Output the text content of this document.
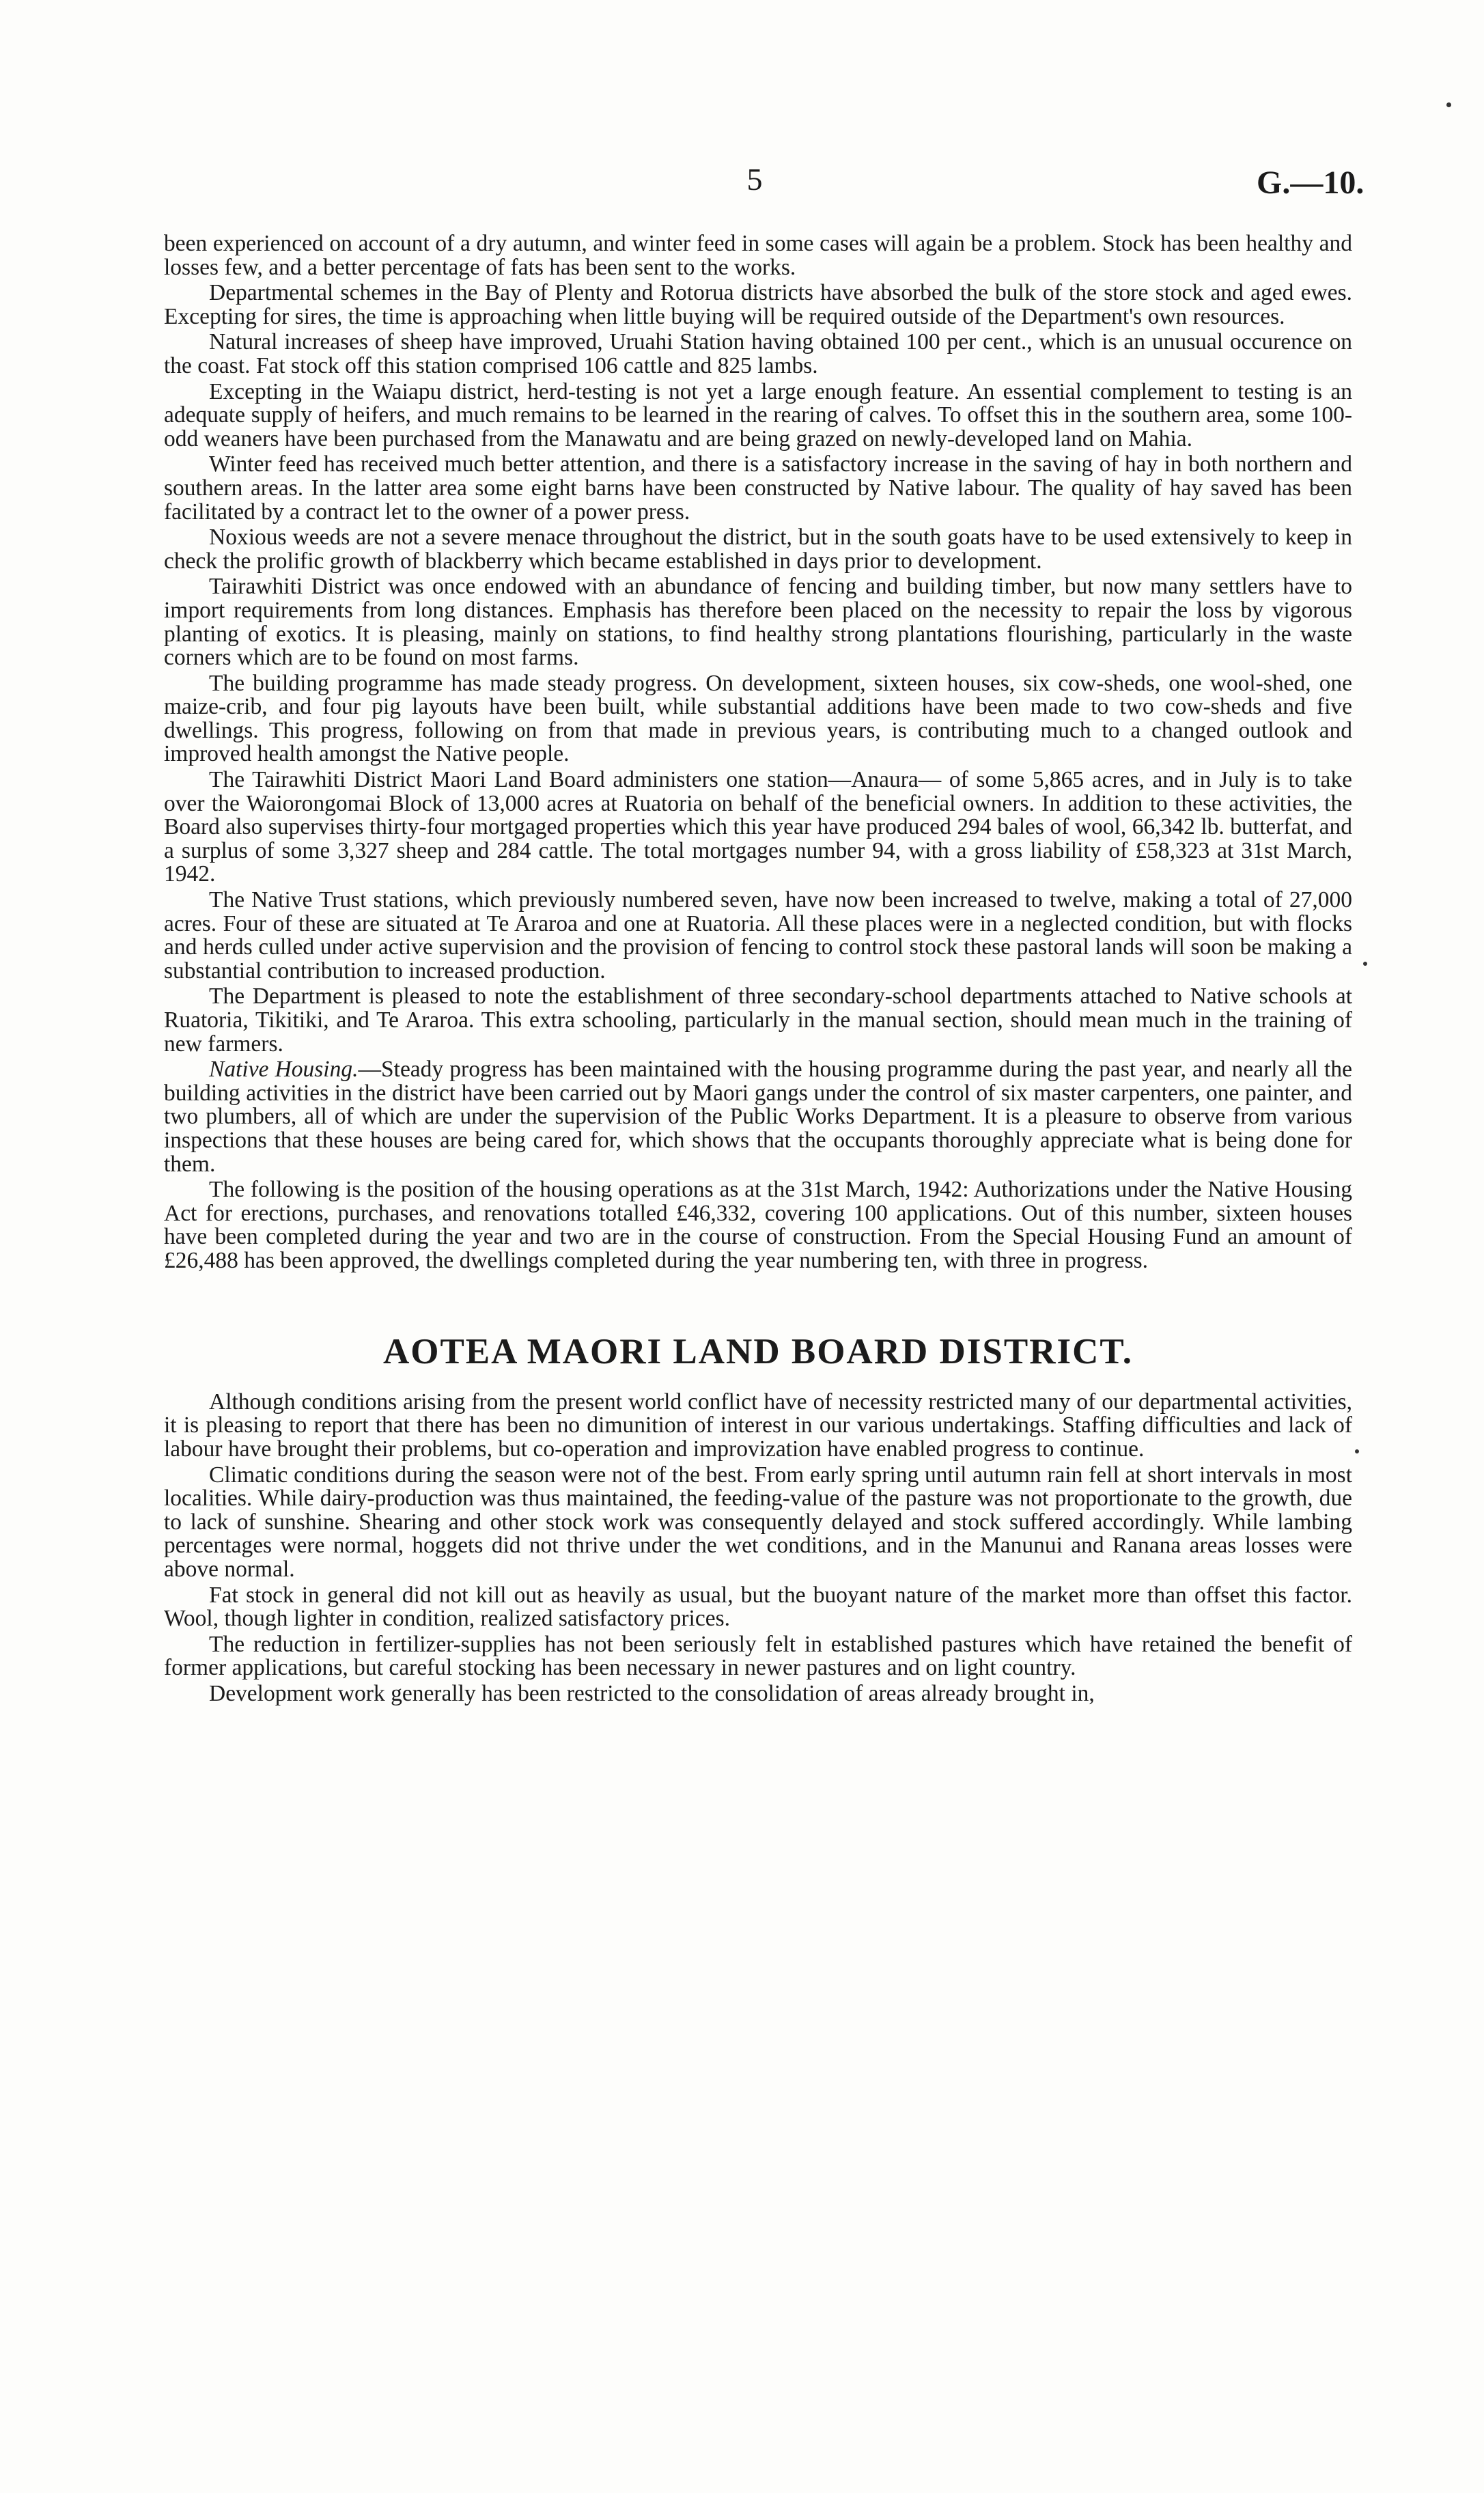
5	G.—10.

been experienced on account of a dry autumn, and winter feed in some cases will again be a problem. Stock has been healthy and losses few, and a better percentage of fats has been sent to the works.

Departmental schemes in the Bay of Plenty and Rotorua districts have absorbed the bulk of the store stock and aged ewes. Excepting for sires, the time is approaching when little buying will be required outside of the Department's own resources.

Natural increases of sheep have improved, Uruahi Station having obtained 100 per cent., which is an unusual occurence on the coast. Fat stock off this station comprised 106 cattle and 825 lambs.

Excepting in the Waiapu district, herd-testing is not yet a large enough feature. An essential complement to testing is an adequate supply of heifers, and much remains to be learned in the rearing of calves. To offset this in the southern area, some 100-odd weaners have been purchased from the Manawatu and are being grazed on newly-developed land on Mahia.

Winter feed has received much better attention, and there is a satisfactory increase in the saving of hay in both northern and southern areas. In the latter area some eight barns have been constructed by Native labour. The quality of hay saved has been facilitated by a contract let to the owner of a power press.

Noxious weeds are not a severe menace throughout the district, but in the south goats have to be used extensively to keep in check the prolific growth of blackberry which became established in days prior to development.

Tairawhiti District was once endowed with an abundance of fencing and building timber, but now many settlers have to import requirements from long distances. Emphasis has therefore been placed on the necessity to repair the loss by vigorous planting of exotics. It is pleasing, mainly on stations, to find healthy strong plantations flourishing, particularly in the waste corners which are to be found on most farms.

The building programme has made steady progress. On development, sixteen houses, six cow-sheds, one wool-shed, one maize-crib, and four pig layouts have been built, while substantial additions have been made to two cow-sheds and five dwellings. This progress, following on from that made in previous years, is contributing much to a changed outlook and improved health amongst the Native people.

The Tairawhiti District Maori Land Board administers one station—Anaura— of some 5,865 acres, and in July is to take over the Waiorongomai Block of 13,000 acres at Ruatoria on behalf of the beneficial owners. In addition to these activities, the Board also supervises thirty-four mortgaged properties which this year have produced 294 bales of wool, 66,342 lb. butterfat, and a surplus of some 3,327 sheep and 284 cattle. The total mortgages number 94, with a gross liability of £58,323 at 31st March, 1942.

The Native Trust stations, which previously numbered seven, have now been increased to twelve, making a total of 27,000 acres. Four of these are situated at Te Araroa and one at Ruatoria. All these places were in a neglected condition, but with flocks and herds culled under active supervision and the provision of fencing to control stock these pastoral lands will soon be making a substantial contribution to increased production.

The Department is pleased to note the establishment of three secondary-school departments attached to Native schools at Ruatoria, Tikitiki, and Te Araroa. This extra schooling, particularly in the manual section, should mean much in the training of new farmers.

Native Housing.—Steady progress has been maintained with the housing programme during the past year, and nearly all the building activities in the district have been carried out by Maori gangs under the control of six master carpenters, one painter, and two plumbers, all of which are under the supervision of the Public Works Department. It is a pleasure to observe from various inspections that these houses are being cared for, which shows that the occupants thoroughly appreciate what is being done for them.

The following is the position of the housing operations as at the 31st March, 1942: Authorizations under the Native Housing Act for erections, purchases, and renovations totalled £46,332, covering 100 applications. Out of this number, sixteen houses have been completed during the year and two are in the course of construction. From the Special Housing Fund an amount of £26,488 has been approved, the dwellings completed during the year numbering ten, with three in progress.

AOTEA MAORI LAND BOARD DISTRICT.

Although conditions arising from the present world conflict have of necessity restricted many of our departmental activities, it is pleasing to report that there has been no dimunition of interest in our various undertakings. Staffing difficulties and lack of labour have brought their problems, but co-operation and improvization have enabled progress to continue.

Climatic conditions during the season were not of the best. From early spring until autumn rain fell at short intervals in most localities. While dairy-production was thus maintained, the feeding-value of the pasture was not proportionate to the growth, due to lack of sunshine. Shearing and other stock work was consequently delayed and stock suffered accordingly. While lambing percentages were normal, hoggets did not thrive under the wet conditions, and in the Manunui and Ranana areas losses were above normal.

Fat stock in general did not kill out as heavily as usual, but the buoyant nature of the market more than offset this factor. Wool, though lighter in condition, realized satisfactory prices.

The reduction in fertilizer-supplies has not been seriously felt in established pastures which have retained the benefit of former applications, but careful stocking has been necessary in newer pastures and on light country.

Development work generally has been restricted to the consolidation of areas already brought in,
